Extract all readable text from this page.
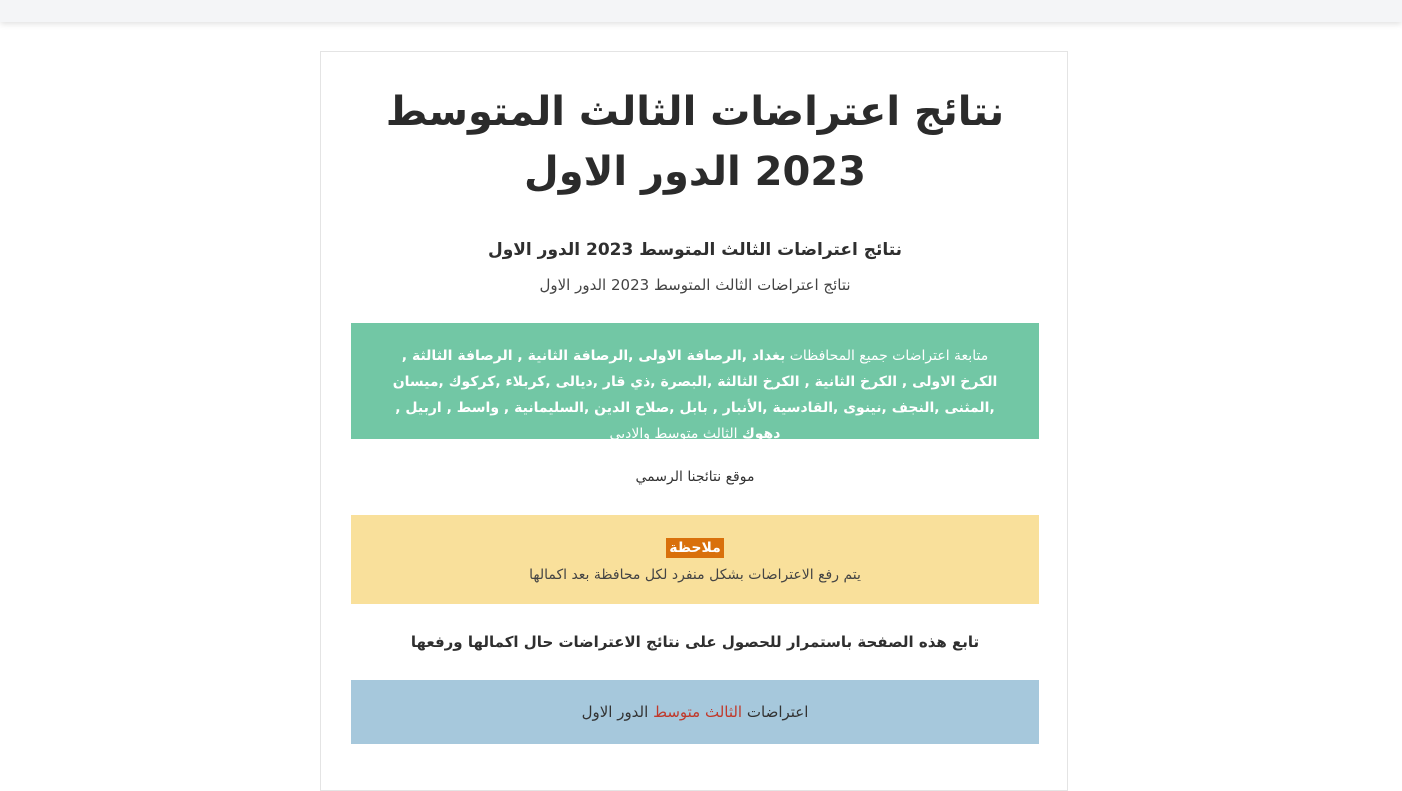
نتائج اعتراضات الثالث المتوسط 2023 الدور الاول
نتائج اعتراضات الثالث المتوسط 2023 الدور الاول
نتائج اعتراضات الثالث المتوسط 2023 الدور الاول
متابعة اعتراضات جميع المحافظات بغداد ,الرصافة الاولى ,الرصافة الثانية , الرصافة الثالثة , الكرخ الاولى , الكرخ الثانية , الكرخ الثالثة ,البصرة ,ذي قار ,ديالى ,كربلاء ,كركوك ,ميسان ,المثنى ,النجف ,نينوى ,القادسية ,الأنبار , بابل ,صلاح الدين ,السليمانية , واسط , اربيل , دهوك الثالث متوسط والادبي
موقع نتائجنا الرسمي
ملاحظة
يتم رفع الاعتراضات بشكل منفرد لكل محافظة بعد اكمالها
تابع هذه الصفحة باستمرار للحصول على نتائج الاعتراضات حال اكمالها ورفعها
اعتراضات الثالث متوسط الدور الاول
